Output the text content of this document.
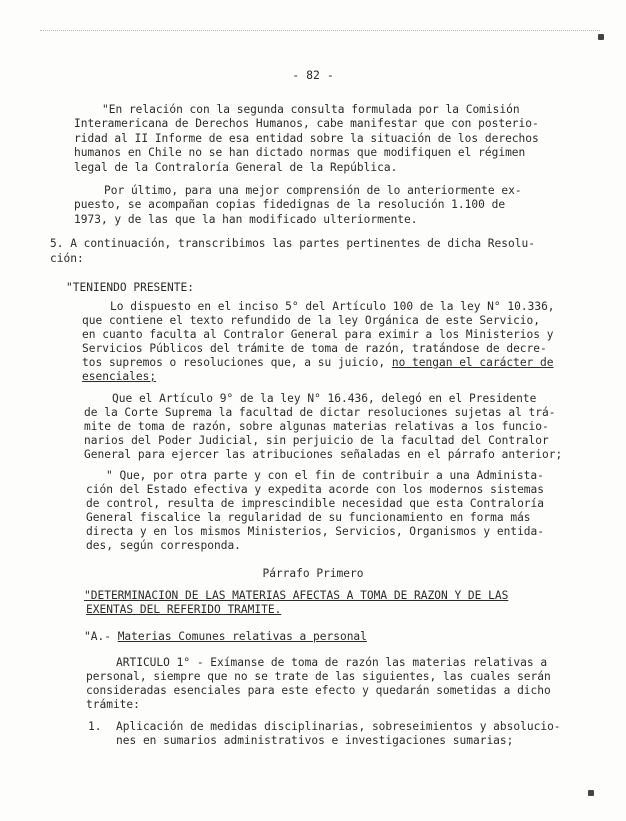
- 82 -
"En relación con la segunda consulta formulada por la Comisión
Interamericana de Derechos Humanos, cabe manifestar que con posterio-
ridad al II Informe de esa entidad sobre la situación de los derechos
humanos en Chile no se han dictado normas que modifiquen el régimen
legal de la Contraloría General de la República.
Por último, para una mejor comprensión de lo anteriormente ex-
puesto, se acompañan copias fidedignas de la resolución 1.100 de
1973, y de las que la han modificado ulteriormente.
5. A continuación, transcribimos las partes pertinentes de dicha Resolu-
ción:
"TENIENDO PRESENTE:
Lo dispuesto en el inciso 5° del Artículo 100 de la ley N° 10.336,
que contiene el texto refundido de la ley Orgánica de este Servicio,
en cuanto faculta al Contralor General para eximir a los Ministerios y
Servicios Públicos del trámite de toma de razón, tratándose de decre-
tos supremos o resoluciones que, a su juicio, no tengan el carácter de
esenciales;
Que el Artículo 9° de la ley N° 16.436, delegó en el Presidente
de la Corte Suprema la facultad de dictar resoluciones sujetas al trá-
mite de toma de razón, sobre algunas materias relativas a los funcio-
narios del Poder Judicial, sin perjuicio de la facultad del Contralor
General para ejercer las atribuciones señaladas en el párrafo anterior;
" Que, por otra parte y con el fin de contribuir a una Administa-
ción del Estado efectiva y expedita acorde con los modernos sistemas
de control, resulta de imprescindible necesidad que esta Contraloría
General fiscalice la regularidad de su funcionamiento en forma más
directa y en los mismos Ministerios, Servicios, Organismos y entida-
des, según corresponda.
Párrafo Primero
"DETERMINACION DE LAS MATERIAS AFECTAS A TOMA DE RAZON Y DE LAS
EXENTAS DEL REFERIDO TRAMITE.
"A.- Materias Comunes relativas a personal
ARTICULO 1° - Exímanse de toma de razón las materias relativas a
personal, siempre que no se trate de las siguientes, las cuales serán
consideradas esenciales para este efecto y quedarán sometidas a dicho
trámite:
1. Aplicación de medidas disciplinarias, sobreseimientos y absolucio-
nes en sumarios administrativos e investigaciones sumarias;
